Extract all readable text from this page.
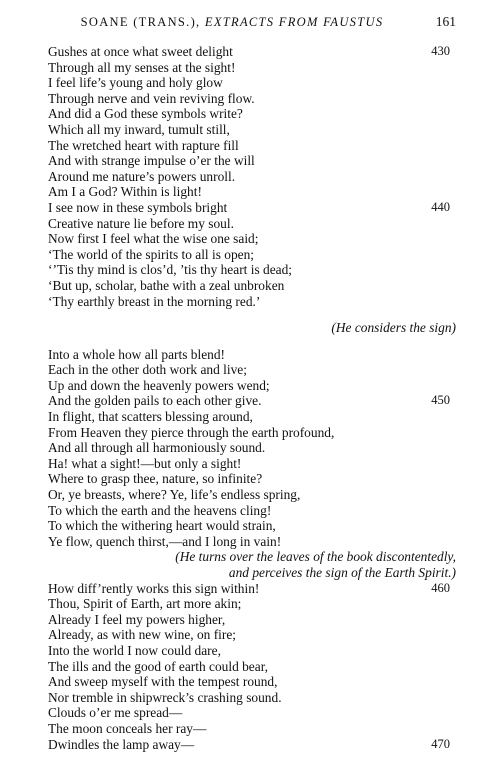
SOANE (TRANS.), EXTRACTS FROM FAUSTUS	161
Gushes at once what sweet delight	430
Through all my senses at the sight!
I feel life’s young and holy glow
Through nerve and vein reviving flow.
And did a God these symbols write?
Which all my inward, tumult still,
The wretched heart with rapture fill
And with strange impulse o’er the will
Around me nature’s powers unroll.
Am I a God? Within is light!
I see now in these symbols bright	440
Creative nature lie before my soul.
Now first I feel what the wise one said;
‘The world of the spirits to all is open;
‘’Tis thy mind is clos’d, ’tis thy heart is dead;
‘But up, scholar, bathe with a zeal unbroken
‘Thy earthly breast in the morning red.’
(He considers the sign)
Into a whole how all parts blend!
Each in the other doth work and live;
Up and down the heavenly powers wend;
And the golden pails to each other give.	450
In flight, that scatters blessing around,
From Heaven they pierce through the earth profound,
And all through all harmoniously sound.
Ha! what a sight!—but only a sight!
Where to grasp thee, nature, so infinite?
Or, ye breasts, where? Ye, life’s endless spring,
To which the earth and the heavens cling!
To which the withering heart would strain,
Ye flow, quench thirst,—and I long in vain!
(He turns over the leaves of the book discontentedly,
and perceives the sign of the Earth Spirit.)
How diff’rently works this sign within!	460
Thou, Spirit of Earth, art more akin;
Already I feel my powers higher,
Already, as with new wine, on fire;
Into the world I now could dare,
The ills and the good of earth could bear,
And sweep myself with the tempest round,
Nor tremble in shipwreck’s crashing sound.
Clouds o’er me spread—
The moon conceals her ray—
Dwindles the lamp away—	470
